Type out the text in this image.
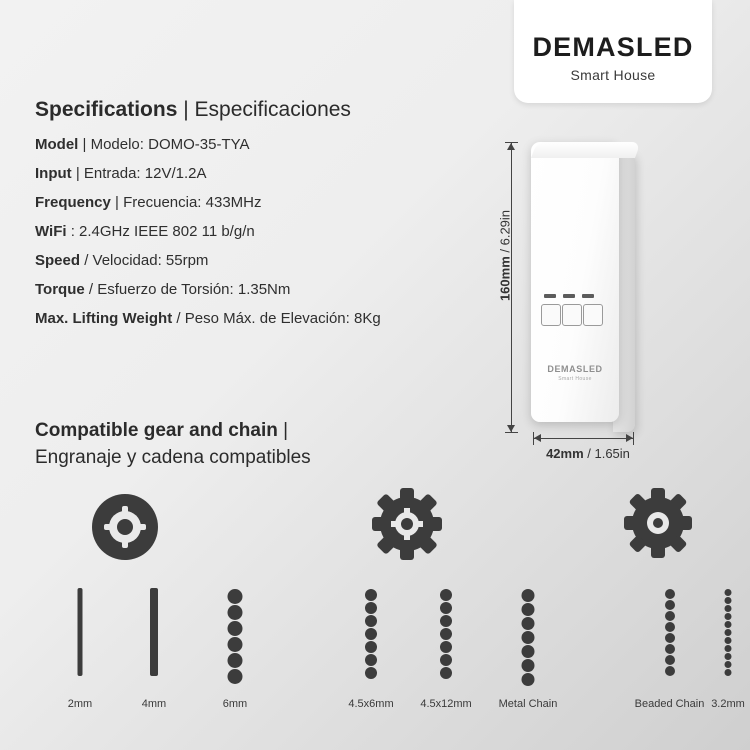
DEMASLED
Smart House
Specifications | Especificaciones
Model | Modelo: DOMO-35-TYA
Input | Entrada: 12V/1.2A
Frequency | Frecuencia: 433MHz
WiFi : 2.4GHz IEEE 802 11 b/g/n
Speed / Velocidad: 55rpm
Torque / Esfuerzo de Torsión: 1.35Nm
Max. Lifting Weight / Peso Máx. de Elevación: 8Kg
Compatible gear and chain |
Engranaje y cadena compatibles
DEMASLED
Smart House
160mm / 6.29in
42mm / 1.65in
2mm	4mm	6mm	4.5x6mm 4.5x12mm Metal Chain	Beaded Chain 3.2mm
